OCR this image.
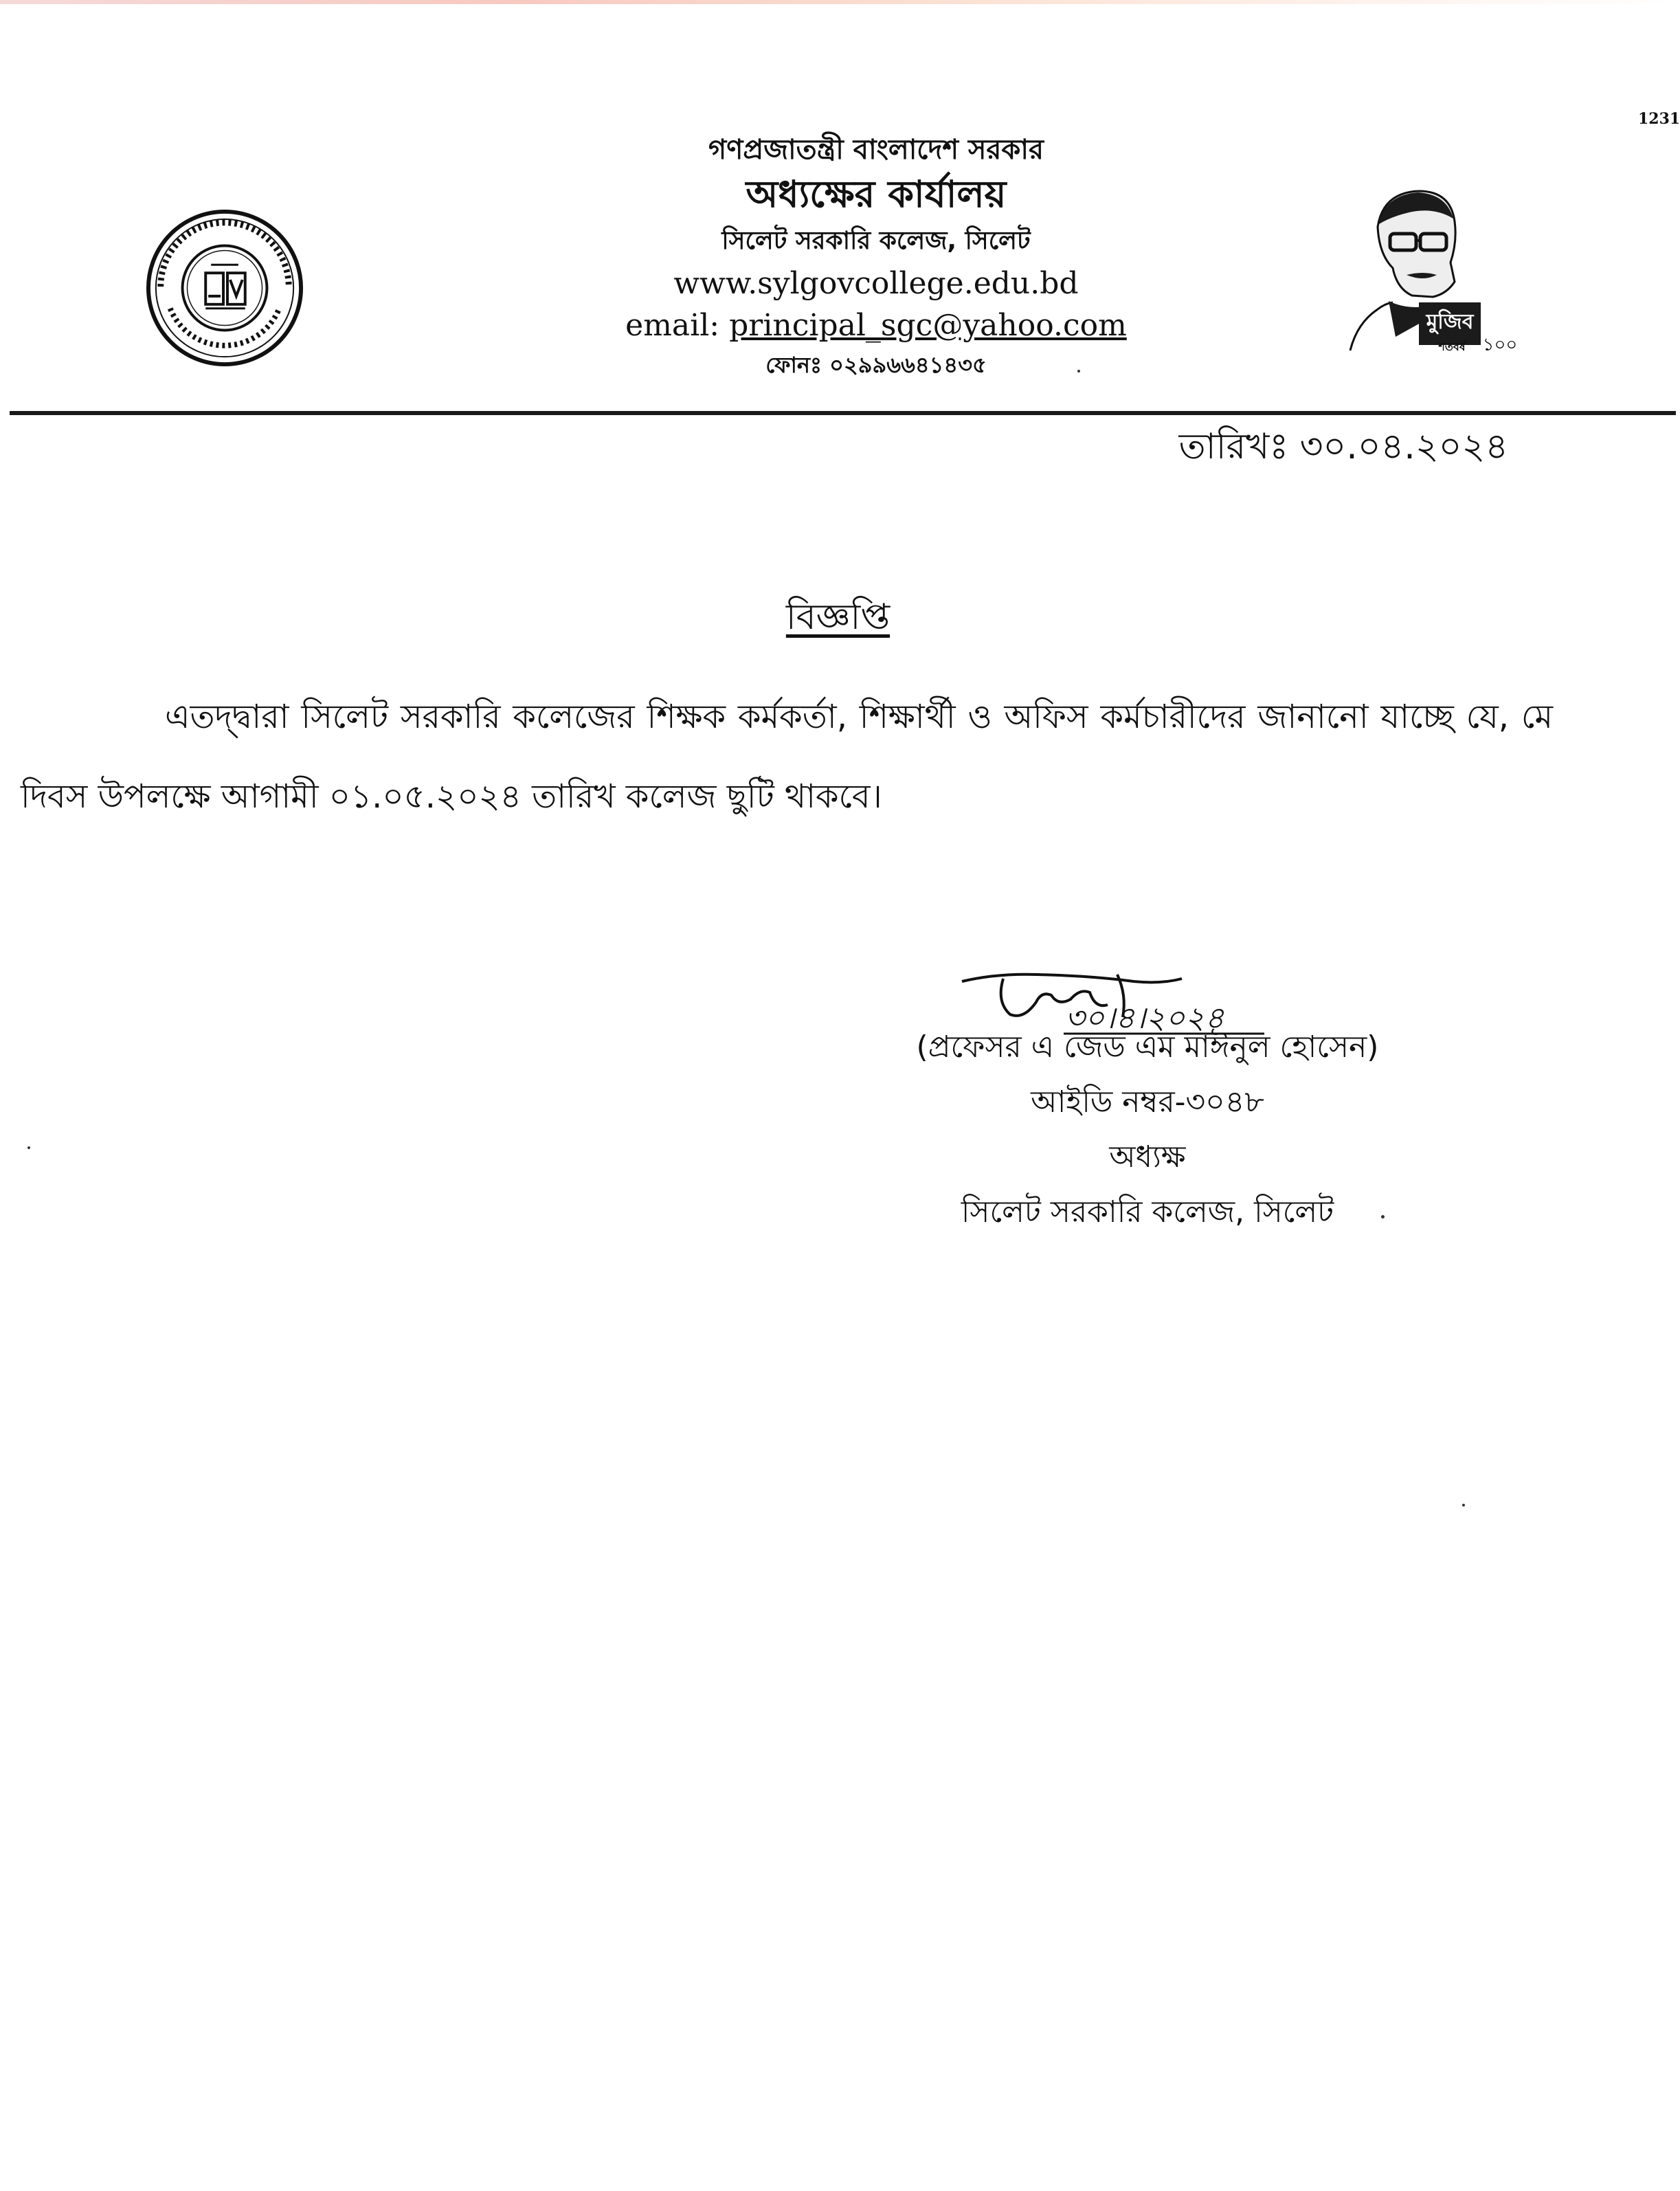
1231
মুজিব
শতবর্ষ ১০০
গণপ্রজাতন্ত্রী বাংলাদেশ সরকার
অধ্যক্ষের কার্যালয়
সিলেট সরকারি কলেজ, সিলেট
www.sylgovcollege.edu.bd
email: principal_sgc@yahoo.com
ফোনঃ ০২৯৯৬৬৪১৪৩৫
তারিখঃ ৩০.০৪.২০২৪
বিজ্ঞপ্তি
এতদ্দ্বারা সিলেট সরকারি কলেজের শিক্ষক কর্মকর্তা, শিক্ষার্থী ও অফিস কর্মচারীদের জানানো যাচ্ছে যে, মে দিবস উপলক্ষে আগামী ০১.০৫.২০২৪ তারিখ কলেজ ছুটি থাকবে।
৩০।৪।২০২৪
(প্রফেসর এ জেড এম মাঈনুল হোসেন)
আইডি নম্বর-৩০৪৮
অধ্যক্ষ
সিলেট সরকারি কলেজ, সিলেট
